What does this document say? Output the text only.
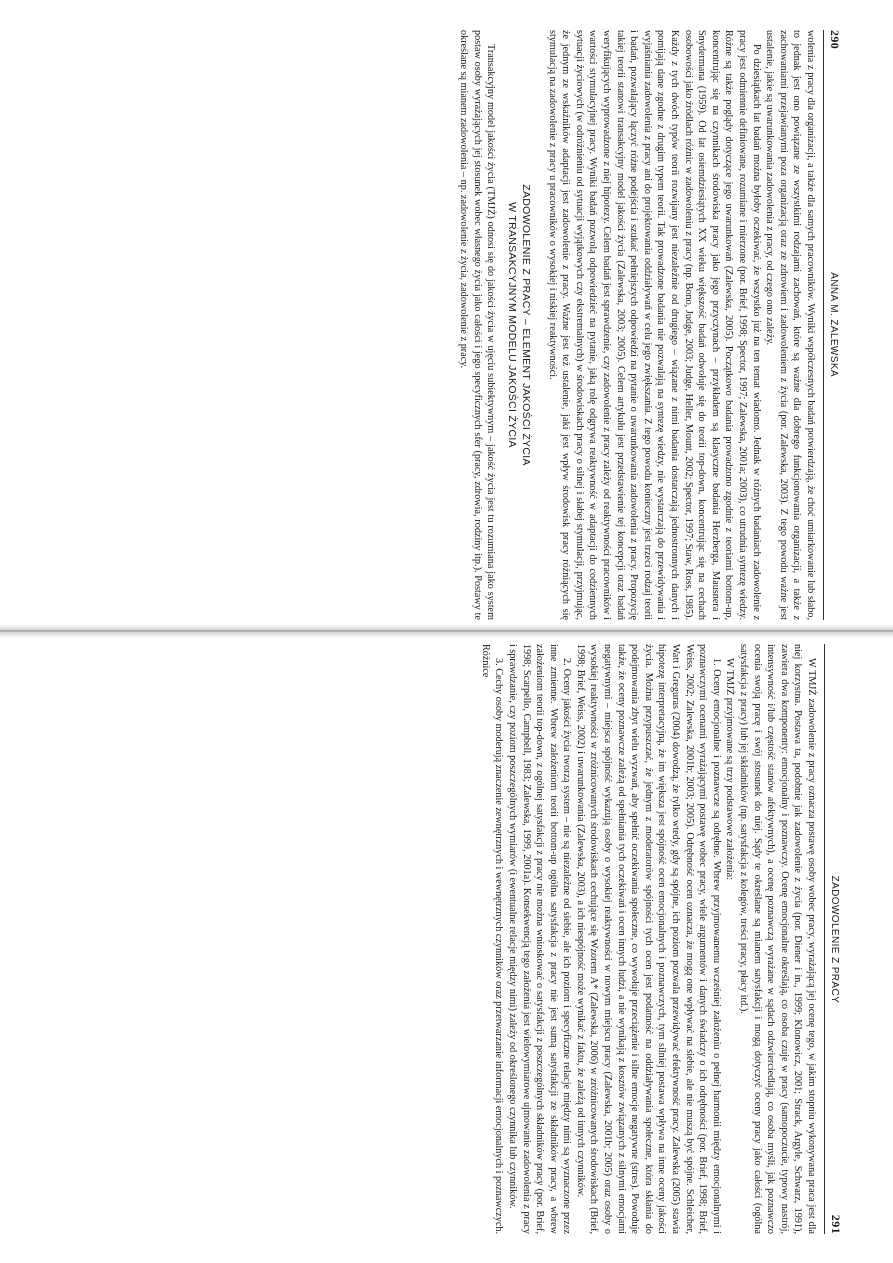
290
ANNA M. ZALEWSKA

wolenia z pracy dla organizacji, a także dla samych pracowników. Wyniki współczesnych badań potwierdzają, że choć umiarkowanie lub słabo, to jednak jest ono powiązane ze wszystkimi rodzajami zachowań, które są ważne dla dobrego funkcjonowania organizacji, a także z zachowaniami przejawianymi poza organizacją oraz ze zdrowiem i zadowoleniem z życia (por. Zalewska, 2003). Z tego powodu ważne jest ustalenie, jakie są uwarunkowania zadowolenia z pracy, od czego ono zależy.

Po dziesiątkach lat badań można byłoby oczekiwać, że wszystko już na ten temat wiadomo. Jednak w różnych badaniach zadowolenie z pracy jest odmiennie definiowane, rozumiane i mierzone (por. Brief, 1998; Spector, 1997; Zalewska, 2001a; 2003), co utrudnia syntezę wiedzy. Różne są także poglądy dotyczące jego uwarunkowań (Zalewska, 2005). Początkowo badania prowadzono zgodnie z teoriami bottom-up, koncentrując się na czynnikach środowiska pracy jako jego przyczynach – przykładem są klasyczne badania Herzberga, Mausnera i Snydermana (1959). Od lat osiemdziesiątych XX wieku większość badań odwołuje się do teorii top-down, koncentrując się na cechach osobowości jako źródłach różnic w zadowoleniu z pracy (np. Bono, Judge, 2003; Judge, Heller, Mount, 2002; Spector, 1997; Staw, Ross, 1985). Każdy z tych dwóch typów teorii rozwijany jest niezależnie od drugiego – wiązane z nimi badania dostarczają jednostronnych danych i pomijają dane zgodne z drugim typem teorii. Tak prowadzone badania nie pozwalają na syntezę wiedzy, nie wystarczają do przewidywania i wyjaśniania zadowolenia z pracy ani do projektowania oddziaływań w celu jego zwiększania. Z tego powodu konieczny jest trzeci rodzaj teorii i badań, pozwalający łączyć różne podejścia i szukać pełniejszych odpowiedzi na pytanie o uwarunkowania zadowolenia z pracy. Propozycję takiej teorii stanowi transakcyjny model jakości życia (Zalewska, 2003; 2005). Celem artykułu jest przedstawienie tej koncepcji oraz badań weryfikujących wyprowadzone z niej hipotezy. Celem badań jest sprawdzenie, czy zadowolenie z pracy zależy od reaktywności pracowników i wartości stymulacyjnej pracy. Wyniki badań pozwolą odpowiedzieć na pytanie, jaką rolę odgrywa reaktywność w adaptacji do codziennych sytuacji życiowych (w odróżnieniu od sytuacji wyjątkowych czy ekstremalnych) w środowiskach pracy o silnej i słabej stymulacji, przyjmując, że jednym ze wskaźników adaptacji jest zadowolenie z pracy. Ważne jest też ustalenie, jaki jest wpływ środowisk pracy różniących się stymulacją na zadowolenie z pracy u pracowników o wysokiej i niskiej reaktywności.

ZADOWOLENIE Z PRACY – ELEMENT JAKOŚCI ŻYCIA
W TRANSAKCYJNYM MODELU JAKOŚCI ŻYCIA

Transakcyjny model jakości życia (TMJŻ) odnosi się do jakości życia w ujęciu subiektywnym – jakość życia jest tu rozumiana jako system postaw osoby wyrażających jej stosunek wobec własnego życia jako całości i jego specyficznych sfer (pracy, zdrowia, rodziny itp.). Postawy te określane są mianem zadowolenia – np. zadowolenie z życia, zadowolenie z pracy.

ZADOWOLENIE Z PRACY
291

W TMJŻ zadowolenie z pracy oznacza postawę osoby wobec pracy, wyrażającą jej ocenę tego, w jakim stopniu wykonywana praca jest dla niej korzystna. Postawa ta, podobnie jak zadowolenie z życia (por. Diener i in., 1999; Klonowicz, 2001; Strack, Argyle, Schwarz, 1991), zawiera dwa komponenty: emocjonalny i poznawczy. Ocenę emocjonalne określają, co osoba czuje w pracy (samopoczucie, typowy nastrój, intensywność i/lub częstość stanów afektywnych), a ocenę poznawczą wyrażane w sądach odzwierciedlają, co osoba myśli, jak poznawczo ocenia swoją pracę i swój stosunek do niej. Sądy te określane są mianem satysfakcji i mogą dotyczyć oceny pracy jako całości (ogólna satysfakcja z pracy) lub jej składników (np. satysfakcja z kolegów, treści pracy, płacy itd.).

W TMJŻ przyjmowane są trzy podstawowe założenia:

1. Oceny emocjonalne i poznawcze są odrębne. Wbrew przyjmowanemu wcześniej założeniu o pełnej harmonii między emocjonalnymi i poznawczymi ocenami wyrażającymi postawę wobec pracy, wiele argumentów i danych świadczy o ich odrębności (por. Brief, 1998; Brief, Weiss, 2002; Zalewska, 2001b; 2003; 2005). Odrębność ocen oznacza, że mogą one wpływać na siebie, ale nie muszą być spójne. Schleicher, Watt i Greguras (2004) dowodzą, że tylko wtedy, gdy są spójne, ich poziom pozwala przewidywać efektywność pracy. Zalewska (2005) stawia hipotezę interpretacyjną, że im większa jest spójność ocen emocjonalnych i poznawczych, tym silniej postawa wpływa na inne oceny jakości życia. Można przypuszczać, że jednym z moderatorów spójności tych ocen jest podatność na oddziaływania społeczne, która skłania do podejmowania zbyt wielu wyzwań, aby spełnić oczekiwania społeczne, co wywołuje przeciążenie i silne emocje negatywne (stres). Powoduje także, że oceny poznawcze zależą od spełniania tych oczekiwań i ocen innych ludzi, a nie wynikają z kosztów związanych z silnymi emocjami negatywnymi – miejsca spójność wykazują osoby o wysokiej reaktywności w nowym miejscu pracy (Zalewska, 2001b; 2005) oraz osoby o wysokiej reaktywności w zróżnicowanych środowiskach cechujące się Wzorem A* (Zalewska, 2006) w zróżnicowanych środowiskach (Brief, 1998; Brief, Weiss, 2002) i uwarunkowania (Zalewska, 2003), a ich niespójność może wynikać z faktu, że zależą od innych czynników.

2. Oceny jakości życia tworzą system – nie są niezależne od siebie, ale ich poziom i specyficzne relacje między nimi są wyznaczone przez inne zmienne. Wbrew założeniom teorii bottom-up ogólna satysfakcja z pracy nie jest sumą satysfakcji ze składników pracy, a wbrew założeniom teorii top-down, z ogólnej satysfakcji z pracy nie można wnioskować o satysfakcji z poszczególnych składników pracy (por. Brief, 1998; Scarpello, Campbell, 1983; Zalewska, 1999, 2001a). Konsekwencją tego założenia jest wielowymiarowe ujmowanie zadowolenia z pracy i sprawdzanie, czy poziom poszczególnych wymiarów (i ewentualne relacje między nimi) zależy od określonego czynnika lub czynników.

3. Cechy osoby moderują znaczenie zewnętrznych i wewnętrznych czynników oraz przetwarzanie informacji emocjonalnych i poznawczych. Różnice
